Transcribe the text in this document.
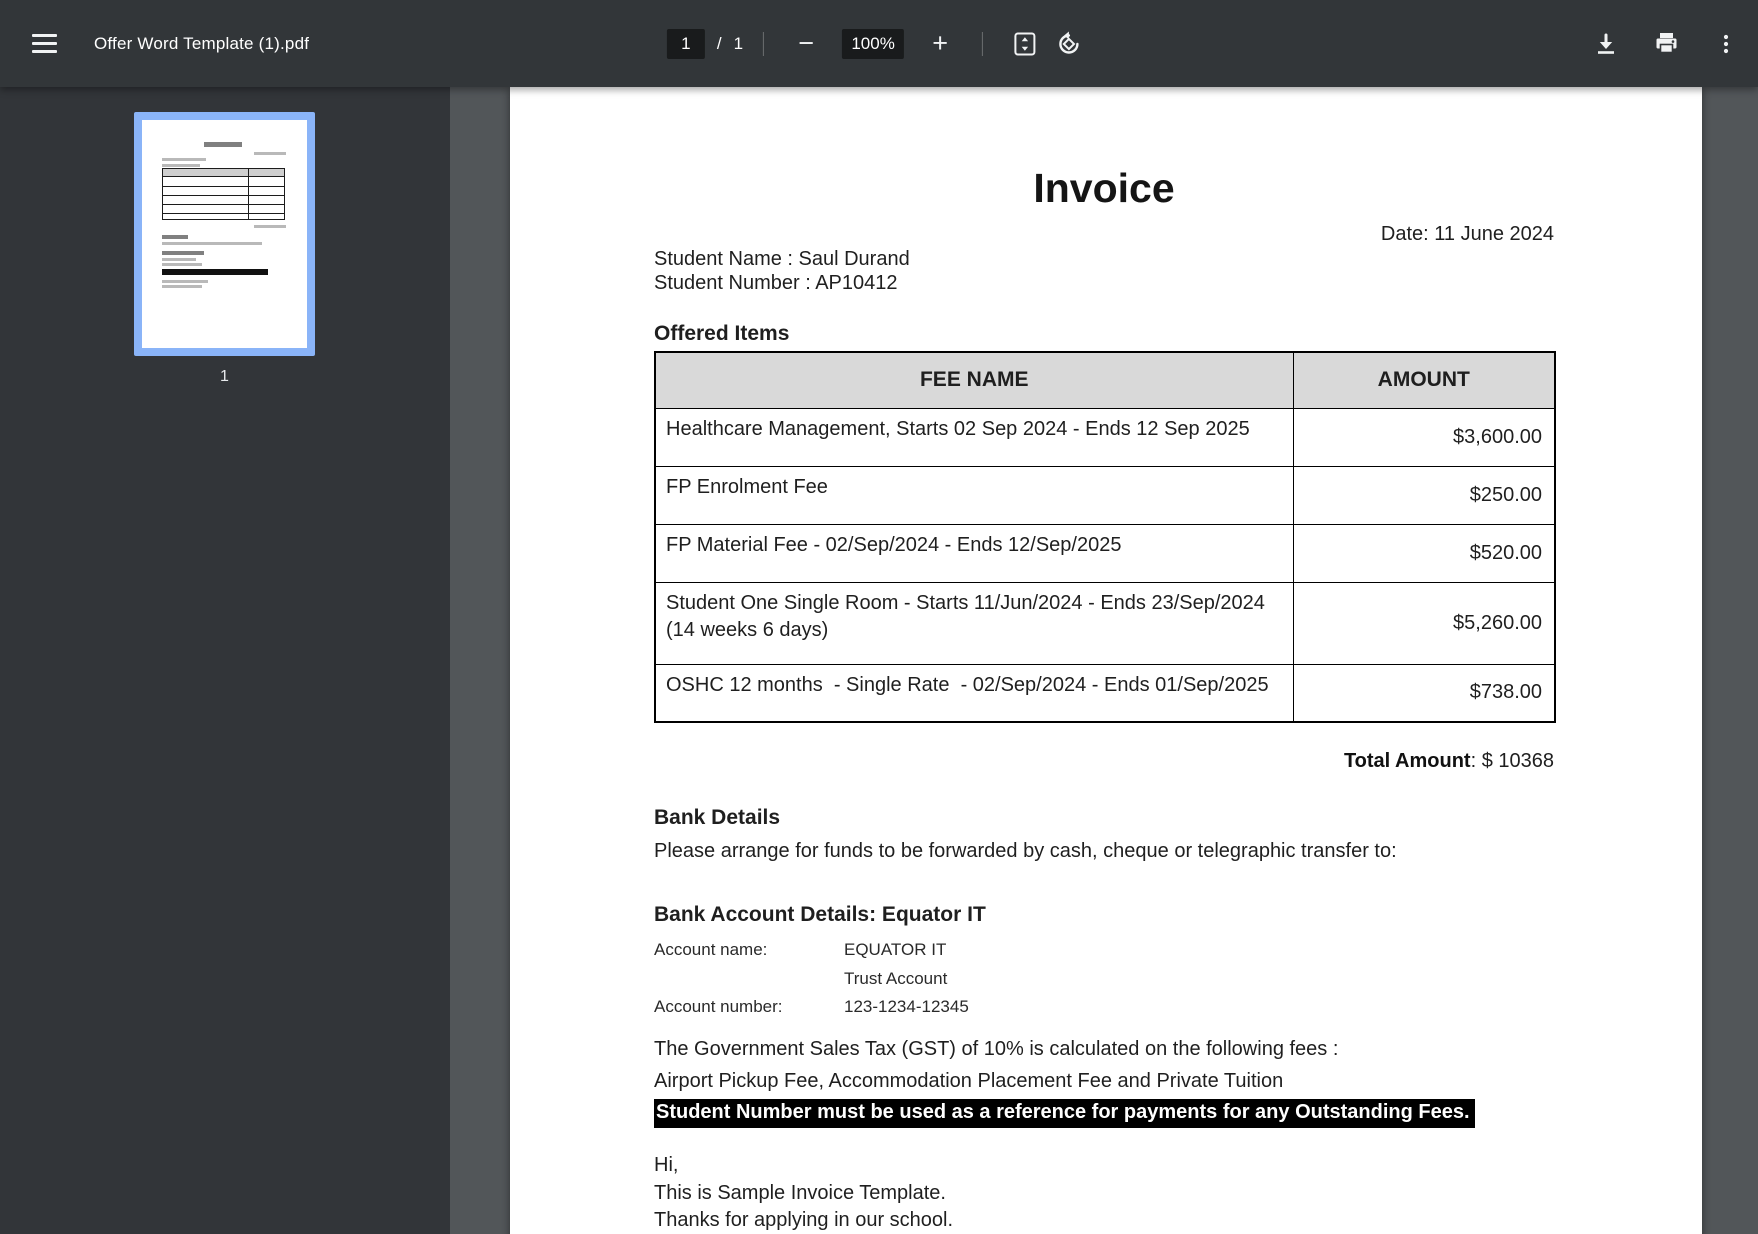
Offer Word Template (1).pdf
1	/ 1	−	100%	+
1
Invoice
Date: 11 June 2024
Student Name : Saul Durand
Student Number : AP10412
Offered Items
FEE NAME	AMOUNT
Healthcare Management, Starts 02 Sep 2024 - Ends 12 Sep 2025	$3,600.00
FP Enrolment Fee	$250.00
FP Material Fee - 02/Sep/2024 - Ends 12/Sep/2025	$520.00
Student One Single Room - Starts 11/Jun/2024 - Ends 23/Sep/2024 (14 weeks 6 days)	$5,260.00
OSHC 12 months  - Single Rate  - 02/Sep/2024 - Ends 01/Sep/2025	$738.00
Total Amount: $ 10368
Bank Details
Please arrange for funds to be forwarded by cash, cheque or telegraphic transfer to:
Bank Account Details: Equator IT
Account name:	EQUATOR IT
Trust Account
Account number:	123-1234-12345
The Government Sales Tax (GST) of 10% is calculated on the following fees :
Airport Pickup Fee, Accommodation Placement Fee and Private Tuition
Student Number must be used as a reference for payments for any Outstanding Fees.
Hi,
This is Sample Invoice Template.
Thanks for applying in our school.
